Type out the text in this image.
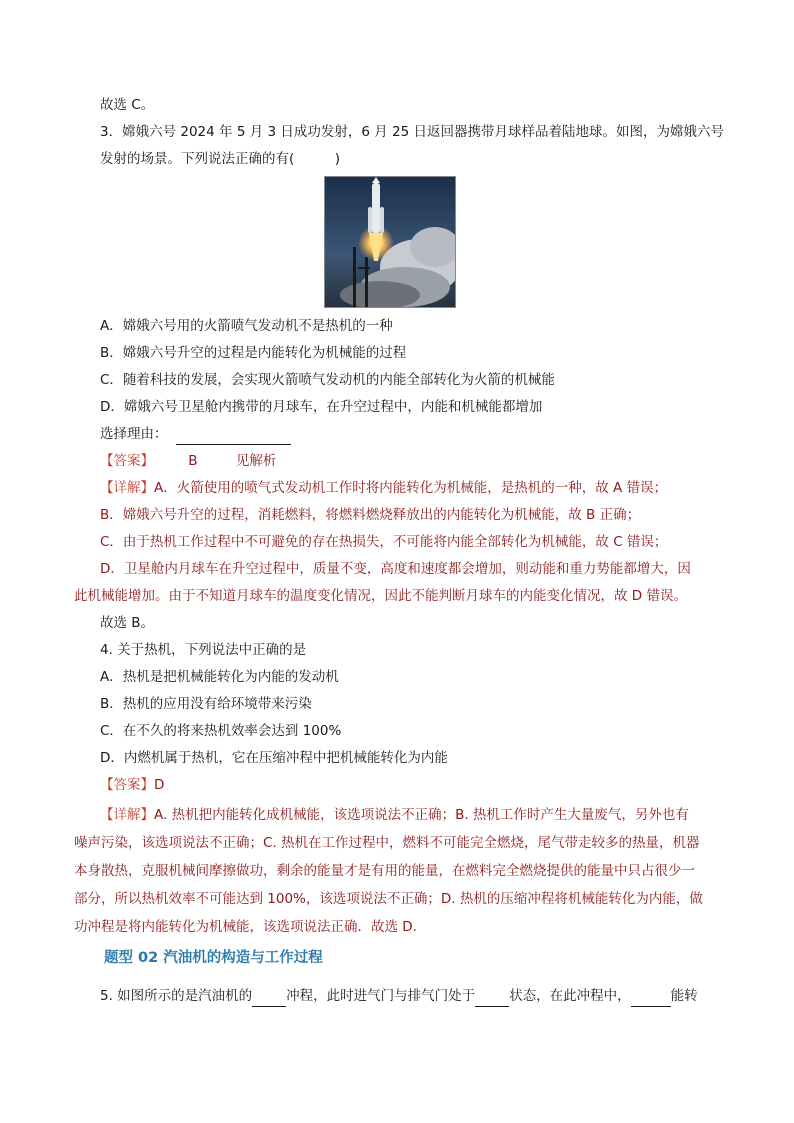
故选 C。
3．嫦娥六号 2024 年 5 月 3 日成功发射，6 月 25 日返回器携带月球样品着陆地球。如图，为嫦娥六号
发射的场景。下列说法正确的有(　　　)
A．嫦娥六号用的火箭喷气发动机不是热机的一种
B．嫦娥六号升空的过程是内能转化为机械能的过程
C．随着科技的发展，会实现火箭喷气发动机的内能全部转化为火箭的机械能
D．嫦娥六号卫星舱内携带的月球车，在升空过程中，内能和机械能都增加
选择理由：
【答案】	B	见解析
【详解】A．火箭使用的喷气式发动机工作时将内能转化为机械能，是热机的一种，故 A 错误；
B．嫦娥六号升空的过程，消耗燃料，将燃料燃烧释放出的内能转化为机械能，故 B 正确；
C．由于热机工作过程中不可避免的存在热损失，不可能将内能全部转化为机械能，故 C 错误；
D．卫星舱内月球车在升空过程中，质量不变，高度和速度都会增加，则动能和重力势能都增大，因
此机械能增加。由于不知道月球车的温度变化情况，因此不能判断月球车的内能变化情况，故 D 错误。
故选 B。
4. 关于热机，下列说法中正确的是
A．热机是把机械能转化为内能的发动机
B．热机的应用没有给环境带来污染
C．在不久的将来热机效率会达到 100%
D．内燃机属于热机，它在压缩冲程中把机械能转化为内能
【答案】D
【详解】A. 热机把内能转化成机械能，该选项说法不正确；B. 热机工作时产生大量废气，另外也有
噪声污染，该选项说法不正确；C. 热机在工作过程中，燃料不可能完全燃烧，尾气带走较多的热量，机器
本身散热，克服机械间摩擦做功，剩余的能量才是有用的能量，在燃料完全燃烧提供的能量中只占很少一
部分，所以热机效率不可能达到 100%，该选项说法不正确；D. 热机的压缩冲程将机械能转化为内能，做
功冲程是将内能转化为机械能，该选项说法正确．故选 D.
题型 02 汽油机的构造与工作过程
5. 如图所示的是汽油机的	冲程，此时进气门与排气门处于	状态，在此冲程中，	能转
